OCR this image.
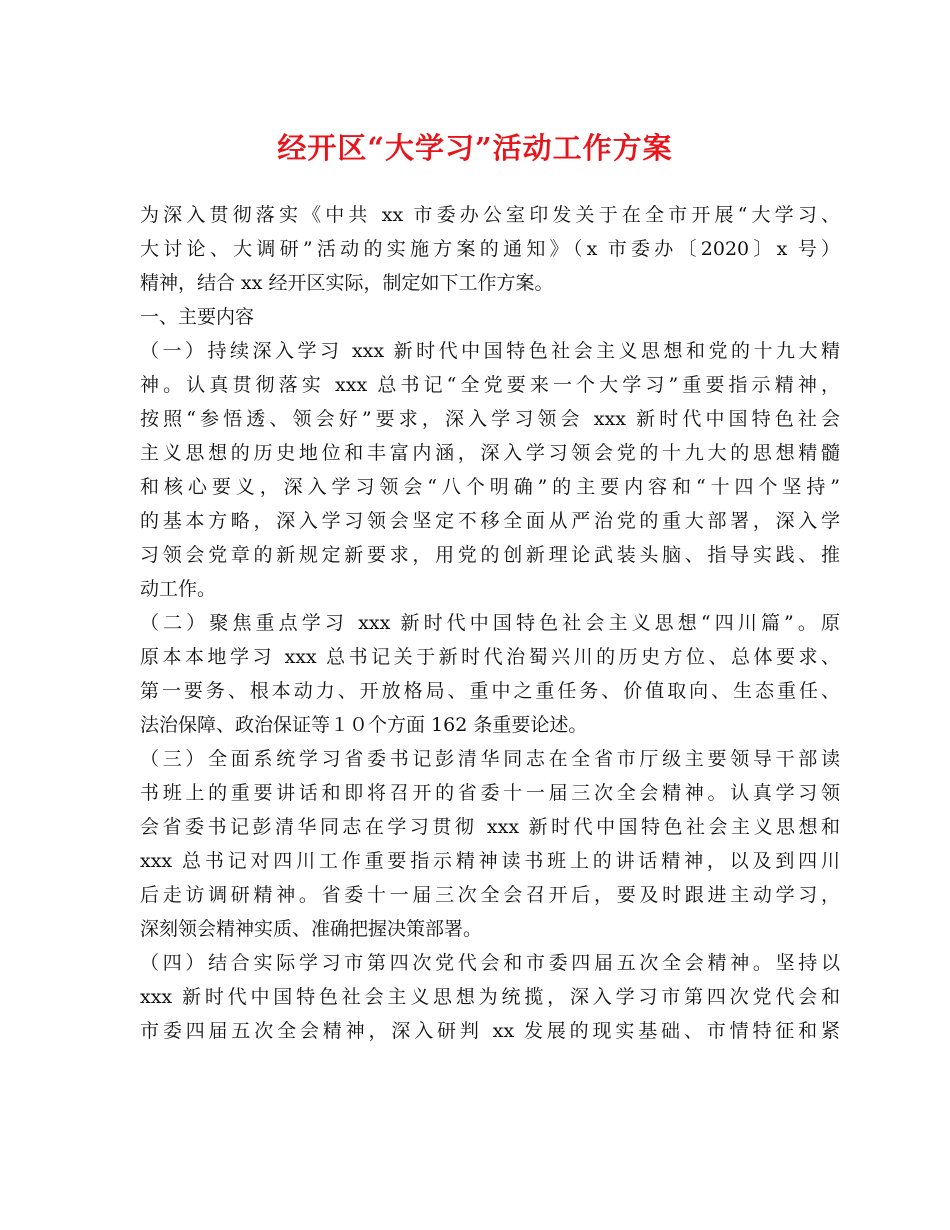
经开区“大学习”活动工作方案
为深入贯彻落实《中共 xx 市委办公室印发关于在全市开展“大学习、
大讨论、大调研”活动的实施方案的通知》（x 市委办〔2020〕x 号）
精神，结合 xx 经开区实际，制定如下工作方案。
一、主要内容
（一）持续深入学习 xxx 新时代中国特色社会主义思想和党的十九大精
神。认真贯彻落实 xxx 总书记“全党要来一个大学习”重要指示精神，
按照“参悟透、领会好”要求，深入学习领会 xxx 新时代中国特色社会
主义思想的历史地位和丰富内涵，深入学习领会党的十九大的思想精髓
和核心要义，深入学习领会“八个明确”的主要内容和“十四个坚持”
的基本方略，深入学习领会坚定不移全面从严治党的重大部署，深入学
习领会党章的新规定新要求，用党的创新理论武装头脑、指导实践、推
动工作。
（二）聚焦重点学习 xxx 新时代中国特色社会主义思想“四川篇”。原
原本本地学习 xxx 总书记关于新时代治蜀兴川的历史方位、总体要求、
第一要务、根本动力、开放格局、重中之重任务、价值取向、生态重任、
法治保障、政治保证等１０个方面 162 条重要论述。
（三）全面系统学习省委书记彭清华同志在全省市厅级主要领导干部读
书班上的重要讲话和即将召开的省委十一届三次全会精神。认真学习领
会省委书记彭清华同志在学习贯彻 xxx 新时代中国特色社会主义思想和
xxx 总书记对四川工作重要指示精神读书班上的讲话精神，以及到四川
后走访调研精神。省委十一届三次全会召开后，要及时跟进主动学习，
深刻领会精神实质、准确把握决策部署。
（四）结合实际学习市第四次党代会和市委四届五次全会精神。坚持以
xxx 新时代中国特色社会主义思想为统揽，深入学习市第四次党代会和
市委四届五次全会精神，深入研判 xx 发展的现实基础、市情特征和紧
